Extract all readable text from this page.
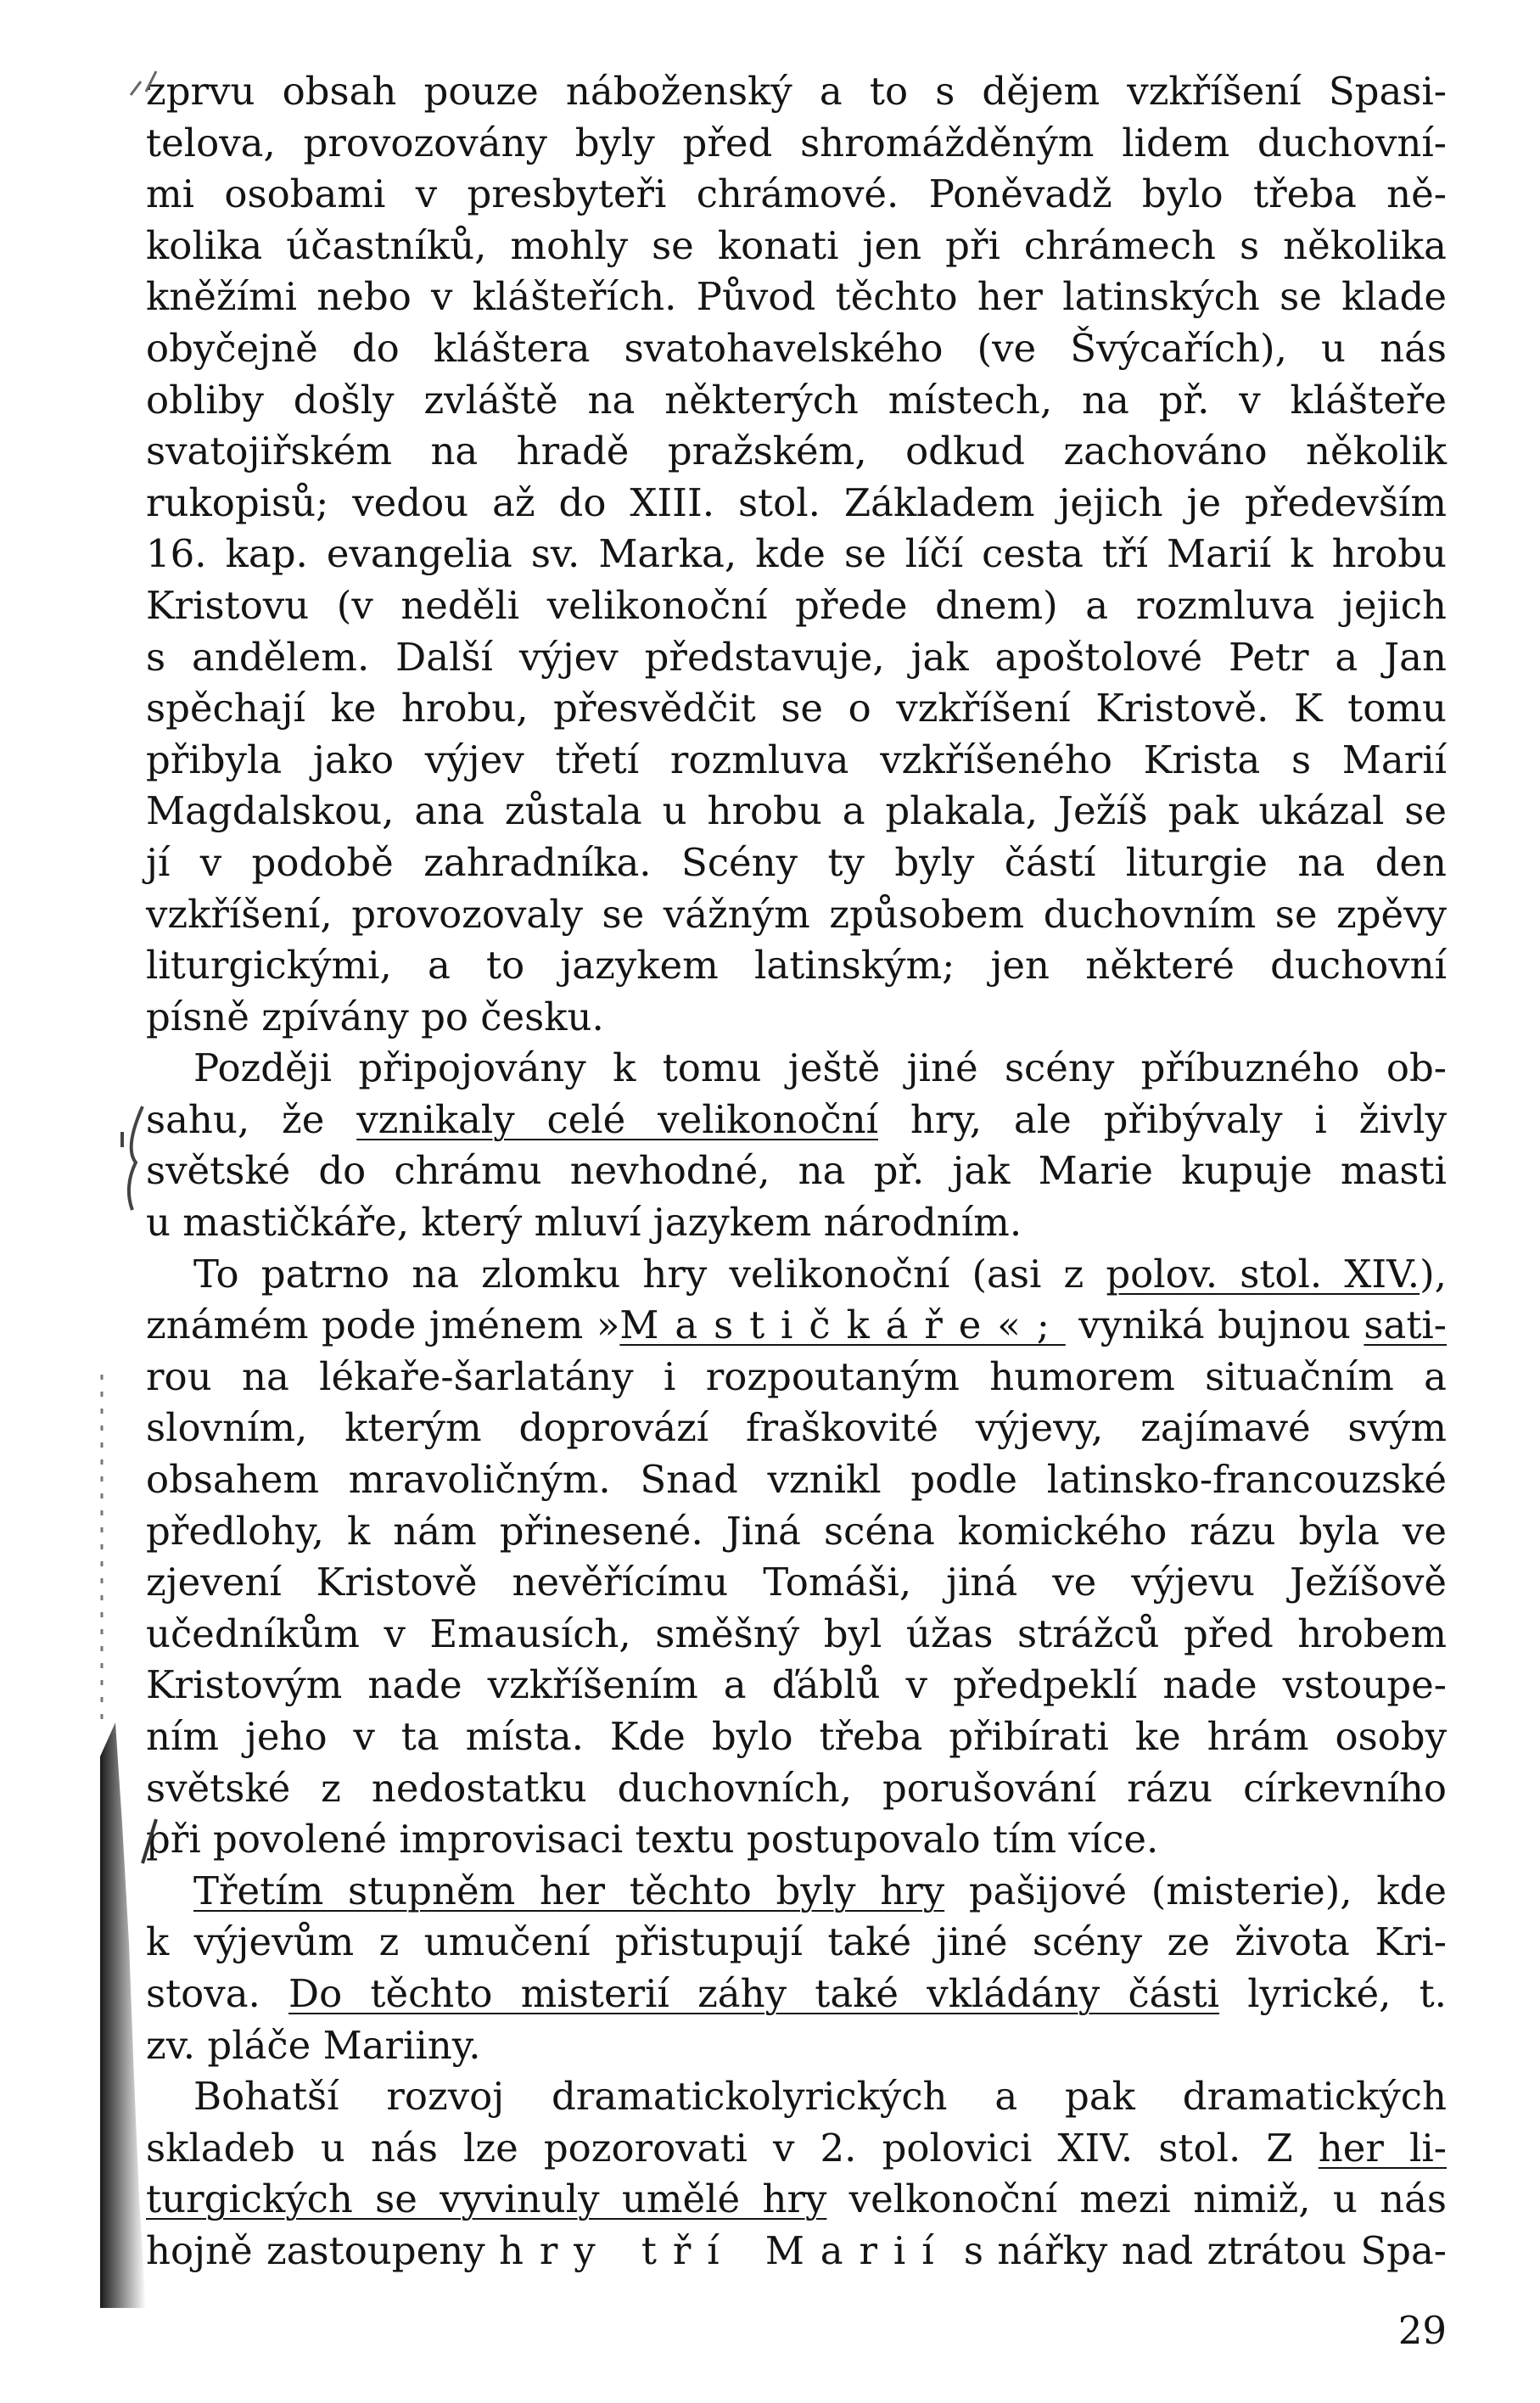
zprvu obsah pouze náboženský a to s dějem vzkříšení Spasi-
telova, provozovány byly před shromážděným lidem duchovní-
mi osobami v presbyteři chrámové. Poněvadž bylo třeba ně-
kolika účastníků, mohly se konati jen při chrámech s několika
kněžími nebo v klášteřích. Původ těchto her latinských se klade
obyčejně do kláštera svatohavelského (ve Švýcařích), u nás
obliby došly zvláště na některých místech, na př. v klášteře
svatojiřském na hradě pražském, odkud zachováno několik
rukopisů; vedou až do XIII. stol. Základem jejich je především
16. kap. evangelia sv. Marka, kde se líčí cesta tří Marií k hrobu
Kristovu (v neděli velikonoční přede dnem) a rozmluva jejich
s andělem. Další výjev představuje, jak apoštolové Petr a Jan
spěchají ke hrobu, přesvědčit se o vzkříšení Kristově. K tomu
přibyla jako výjev třetí rozmluva vzkříšeného Krista s Marií
Magdalskou, ana zůstala u hrobu a plakala, Ježíš pak ukázal se
jí v podobě zahradníka. Scény ty byly částí liturgie na den
vzkříšení, provozovaly se vážným způsobem duchovním se zpěvy
liturgickými, a to jazykem latinským; jen některé duchovní
písně zpívány po česku.
Později připojovány k tomu ještě jiné scény příbuzného ob-
sahu, že vznikaly celé velikonoční hry, ale přibývaly i živly
světské do chrámu nevhodné, na př. jak Marie kupuje masti
u mastičkáře, který mluví jazykem národním.
To patrno na zlomku hry velikonoční (asi z polov. stol. XIV.),
známém pode jménem »Mastičkáře«; vyniká bujnou sati-
rou na lékaře-šarlatány i rozpoutaným humorem situačním a
slovním, kterým doprovází fraškovité výjevy, zajímavé svým
obsahem mravoličným. Snad vznikl podle latinsko-francouzské
předlohy, k nám přinesené. Jiná scéna komického rázu byla ve
zjevení Kristově nevěřícímu Tomáši, jiná ve výjevu Ježíšově
učedníkům v Emausích, směšný byl úžas strážců před hrobem
Kristovým nade vzkříšením a ďáblů v předpeklí nade vstoupe-
ním jeho v ta místa. Kde bylo třeba přibírati ke hrám osoby
světské z nedostatku duchovních, porušování rázu církevního
při povolené improvisaci textu postupovalo tím více.
Třetím stupněm her těchto byly hry pašijové (misterie), kde
k výjevům z umučení přistupují také jiné scény ze života Kri-
stova. Do těchto misterií záhy také vkládány části lyrické, t.
zv. pláče Mariiny.
Bohatší rozvoj dramatickolyrických a pak dramatických
skladeb u nás lze pozorovati v 2. polovici XIV. stol. Z her li-
turgických se vyvinuly umělé hry velkonoční mezi nimiž, u nás
hojně zastoupeny hry tří Marií s nářky nad ztrátou Spa-
29
